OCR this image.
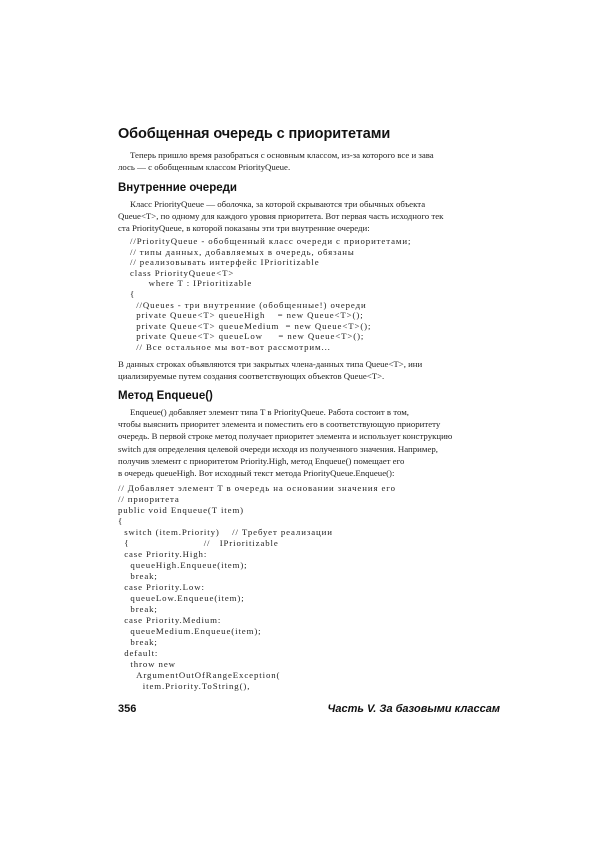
Обобщенная очередь с приоритетами
Теперь пришло время разобраться с основным классом, из-за которого все и зава
лось — с обобщенным классом PriorityQueue.
Внутренние очереди
Класс PriorityQueue — оболочка, за которой скрываются три обычных объекта
Queue<T>, по одному для каждого уровня приоритета. Вот первая часть исходного тек
ста PriorityQueue, в которой показаны эти три внутренние очереди:
//PriorityQueue - обобщенный класс очереди с приоритетами;
// типы данных, добавляемых в очередь, обязаны
// реализовывать интерфейс IPrioritizable
class PriorityQueue<T>
where T : IPrioritizable
{
//Queues - три внутренние (обобщенные!) очереди
private Queue<T> queueHigh    = new Queue<T>();
private Queue<T> queueMedium  = new Queue<T>();
private Queue<T> queueLow     = new Queue<T>();
// Все остальное мы вот-вот рассмотрим...
В данных строках объявляются три закрытых члена-данных типа Queue<T>, ини
циализируемые путем создания соответствующих объектов Queue<T>.
Метод Enqueue()
Enqueue() добавляет элемент типа T в PriorityQueue. Работа состоит в том,
чтобы выяснить приоритет элемента и поместить его в соответствующую приоритету
очередь. В первой строке метод получает приоритет элемента и использует конструкцию
switch для определения целевой очереди исходя из полученного значения. Например,
получив элемент с приоритетом Priority.High, метод Enqueue() помещает его
в очередь queueHigh. Вот исходный текст метода PriorityQueue.Enqueue():
// Добавляет элемент T в очередь на основании значения его
// приоритета
public void Enqueue(T item)
{
switch (item.Priority)    // Требует реализации
{                        //   IPrioritizable
case Priority.High:
queueHigh.Enqueue(item);
break;
case Priority.Low:
queueLow.Enqueue(item);
break;
case Priority.Medium:
queueMedium.Enqueue(item);
break;
default:
throw new
ArgumentOutOfRangeException(
item.Priority.ToString(),
356	Часть V. За базовыми классам
